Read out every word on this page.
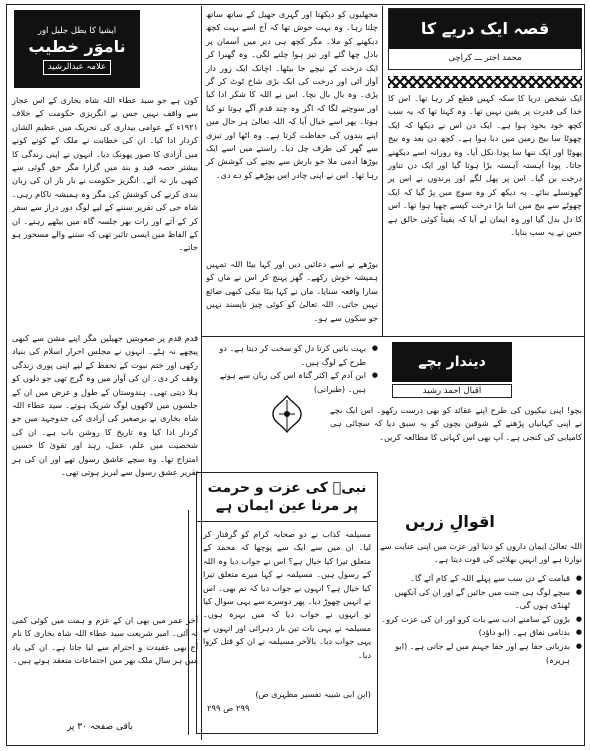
ایشیا کا بطل جلیل اور
ناموَر خطیب
علامہ عبدالرشید
کون ہے جو سید عطاء اللہ شاہ بخاری کے اس عجاز سے واقف نہیں جس نے انگریزی حکومت کے خلاف ۱۹۲۱ء کے عوامی بیداری کی تحریک میں عظیم الشان کردار ادا کیا۔ ان کی خطابت نے ملک کے کونے کونے میں آزادی کا صور پھونک دیا۔ انہوں نے اپنی زندگی کا بیشتر حصہ قید و بند میں گزارا مگر حق گوئی سے کبھی باز نہ آئے۔ انگریز حکومت نے بار بار ان کی زبان بندی کرنے کی کوشش کی مگر وہ ہمیشہ ناکام رہی۔ شاہ جی کی تقریر سننے کے لیے لوگ دور دراز سے سفر کر کے آتے اور رات بھر جلسہ گاہ میں بیٹھے رہتے۔ ان کے الفاظ میں ایسی تاثیر تھی کہ سننے والے مسحور ہو جاتے۔
قدم قدم پر صعوبتیں جھیلیں مگر اپنے مشن سے کبھی پیچھے نہ ہٹے۔ انہوں نے مجلس احرار اسلام کی بنیاد رکھی اور ختم نبوت کے تحفظ کے لیے اپنی پوری زندگی وقف کر دی۔ ان کی آواز میں وہ گرج تھی جو دلوں کو ہلا دیتی تھی۔ ہندوستان کے طول و عرض میں ان کے جلسوں میں لاکھوں لوگ شریک ہوتے۔ سید عطاء اللہ شاہ بخاری نے برصغیر کی آزادی کی جدوجہد میں جو کردار ادا کیا وہ تاریخ کا روشن باب ہے۔ ان کی شخصیت میں علم، عمل، زہد اور تقویٰ کا حسین امتزاج تھا۔ وہ سچے عاشق رسول تھے اور ان کی ہر تقریر عشق رسول سے لبریز ہوتی تھی۔
آخر عمر میں بھی ان کے عزم و ہمت میں کوئی کمی نہ آئی۔ امیر شریعت سید عطاء اللہ شاہ بخاری کا نام آج بھی عقیدت و احترام سے لیا جاتا ہے۔ ان کی یاد میں ہر سال ملک بھر میں اجتماعات منعقد ہوتے ہیں۔
باقی صفحہ ۳۰ پر
مجھلیوں کو دیکھتا اور گہری جھیل کے ساتھ ساتھ چلتا رہا۔ وہ بہت خوش تھا کہ آج اسے بہت کچھ دیکھنے کو ملا۔ مگر کچھ ہی دیر میں آسمان پر بادل چھا گئے اور تیز ہوا چلنے لگی۔ وہ گھبرا کر ایک درخت کے نیچے جا بیٹھا۔ اچانک ایک زور دار آواز آئی اور درخت کی ایک بڑی شاخ ٹوٹ کر گر پڑی۔ وہ بال بال بچا۔ اس نے اللہ کا شکر ادا کیا اور سوچنے لگا کہ اگر وہ چند قدم آگے ہوتا تو کیا ہوتا۔ پھر اسے خیال آیا کہ اللہ تعالیٰ ہر حال میں اپنے بندوں کی حفاظت کرتا ہے۔ وہ اٹھا اور تیزی سے گھر کی طرف چل دیا۔ راستے میں اسے ایک بوڑھا آدمی ملا جو بارش سے بچنے کی کوشش کر رہا تھا۔ اس نے اپنی چادر اس بوڑھے کو دے دی۔
بوڑھے نے اسے دعائیں دیں اور کہا بیٹا اللہ تمہیں ہمیشہ خوش رکھے۔ گھر پہنچ کر اس نے ماں کو سارا واقعہ سنایا۔ ماں نے کہا بیٹا نیکی کبھی ضائع نہیں جاتی۔ اللہ تعالیٰ کو کوئی چیز ناپسند نہیں جو سکون سے ہو۔
● بہت باتیں کرنا دل کو سخت کر دیتا ہے۔ دو طرح کے لوگ ہیں۔
● ابن آدم کے اکثر گناہ اس کی زبان سے ہوتے ہیں۔ (طبرانی)
نبیؐ کی عزت و حرمت پر مرنا عین ایمان ہے
مسیلمہ کذاب نے دو صحابہ کرام کو گرفتار کر لیا۔ ان میں سے ایک سے پوچھا کہ محمد کے متعلق تیرا کیا خیال ہے؟ اس نے جواب دیا وہ اللہ کے رسول ہیں۔ مسیلمہ نے کہا میرے متعلق تیرا کیا خیال ہے؟ انہوں نے جواب دیا کہ تم بھی۔ اس نے انہیں چھوڑ دیا۔ پھر دوسرے سے یہی سوال کیا تو انہوں نے جواب دیا کہ میں بہرہ ہوں۔ مسیلمہ نے یہی بات تین بار دہرائی اور انہوں نے یہی جواب دیا۔ بالآخر مسیلمہ نے ان کو قتل کروا دیا۔
(ابن ابی شیبہ تفسیر مظہری ص)
۲۹۹ ص ۲۹۹
قصہ ایک دریے کا
محمد اختر ـــ کراچی
ایک شخص دریا کا سکہ کہیں قطع کر رہا تھا۔ اس کا خدا کی قدرت پر یقین نہیں تھا۔ وہ کہتا تھا کہ یہ سب کچھ خود بخود ہوا ہے۔ ایک دن اس نے دیکھا کہ ایک چھوٹا سا بیج زمین میں دبا ہوا ہے۔ کچھ دن بعد وہ بیج پھوٹا اور ایک ننھا سا پودا نکل آیا۔ وہ روزانہ اسے دیکھنے جاتا۔ پودا آہستہ آہستہ بڑا ہوتا گیا اور ایک دن تناور درخت بن گیا۔ اس پر پھل لگے اور پرندوں نے اس پر گھونسلے بنائے۔ یہ دیکھ کر وہ سوچ میں پڑ گیا کہ ایک چھوٹے سے بیج میں اتنا بڑا درخت کیسے چھپا ہوا تھا۔ اس کا دل بدل گیا اور وہ ایمان لے آیا کہ یقیناً کوئی خالق ہے جس نے یہ سب بنایا۔
دیندار بچے
اقبال احمد رشید
بچو! اپنی نیکیوں کی طرح اپنے عقائد کو بھی درست رکھو۔ اس ایک بچے نے اپنی کہانیاں پڑھنے کے شوقین بچوں کو یہ سبق دیا کہ سچائی ہی کامیابی کی کنجی ہے۔ آپ بھی اس کہانی کا مطالعہ کریں۔
اقوالِ زریں
اللہ تعالیٰ ایمان داروں کو دنیا اور عزت میں اپنی عنایت سے نوازتا ہے اور انہیں بھلائی کی قوت دیتا ہے۔
● قیامت کے دن سب سے پہلے اللہ کے کام آئے گا۔
● سچے لوگ ہی جنت میں جائیں گے اور ان کی آنکھیں ٹھنڈی ہوں گی۔
● بڑوں کے سامنے ادب سے بات کرو اور ان کی عزت کرو۔
● بدنامی نفاق ہے۔ (ابو داؤد)
● بدزبانی جفا ہے اور جفا جہنم میں لے جاتی ہے۔ (ابو ہریرہ)
